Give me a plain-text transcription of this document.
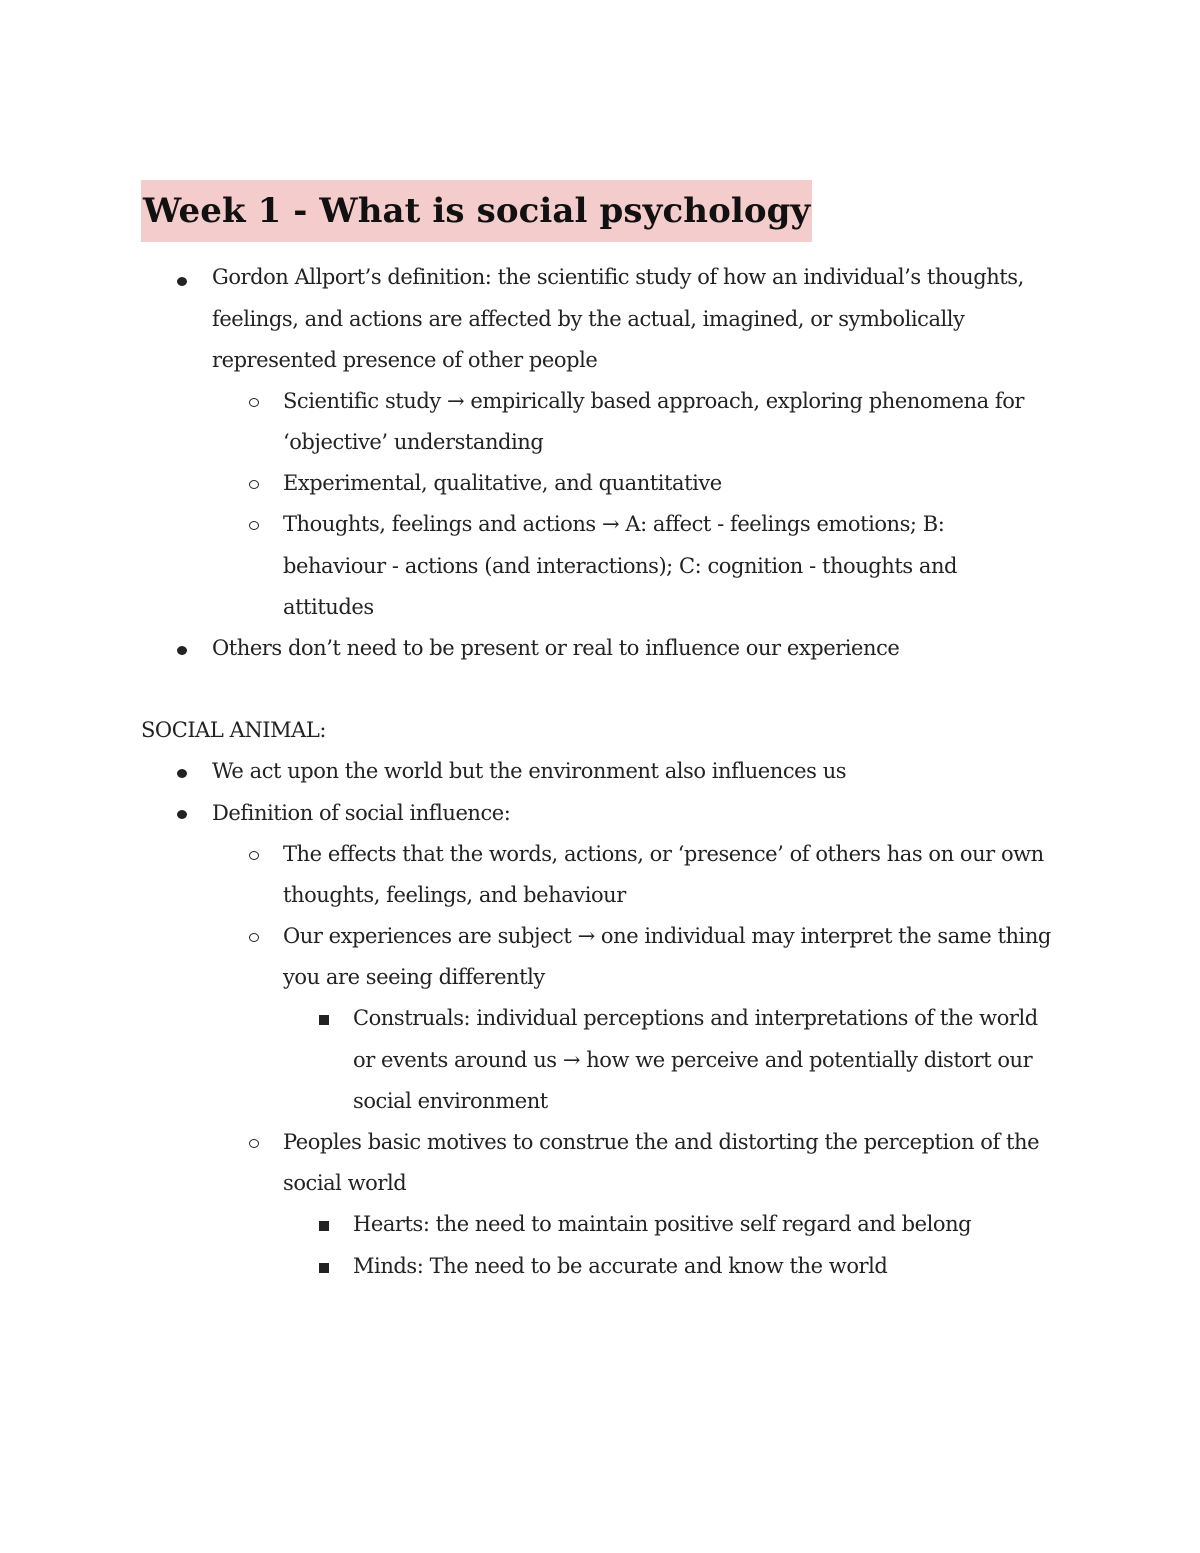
Week 1 - What is social psychology
Gordon Allport’s definition: the scientific study of how an individual’s thoughts,
feelings, and actions are affected by the actual, imagined, or symbolically
represented presence of other people
Scientific study → empirically based approach, exploring phenomena for
‘objective’ understanding
Experimental, qualitative, and quantitative
Thoughts, feelings and actions → A: affect - feelings emotions; B:
behaviour - actions (and interactions); C: cognition - thoughts and
attitudes
Others don’t need to be present or real to influence our experience
SOCIAL ANIMAL:
We act upon the world but the environment also influences us
Definition of social influence:
The effects that the words, actions, or ‘presence’ of others has on our own
thoughts, feelings, and behaviour
Our experiences are subject → one individual may interpret the same thing
you are seeing differently
Construals: individual perceptions and interpretations of the world
or events around us → how we perceive and potentially distort our
social environment
Peoples basic motives to construe the and distorting the perception of the
social world
Hearts: the need to maintain positive self regard and belong
Minds: The need to be accurate and know the world
